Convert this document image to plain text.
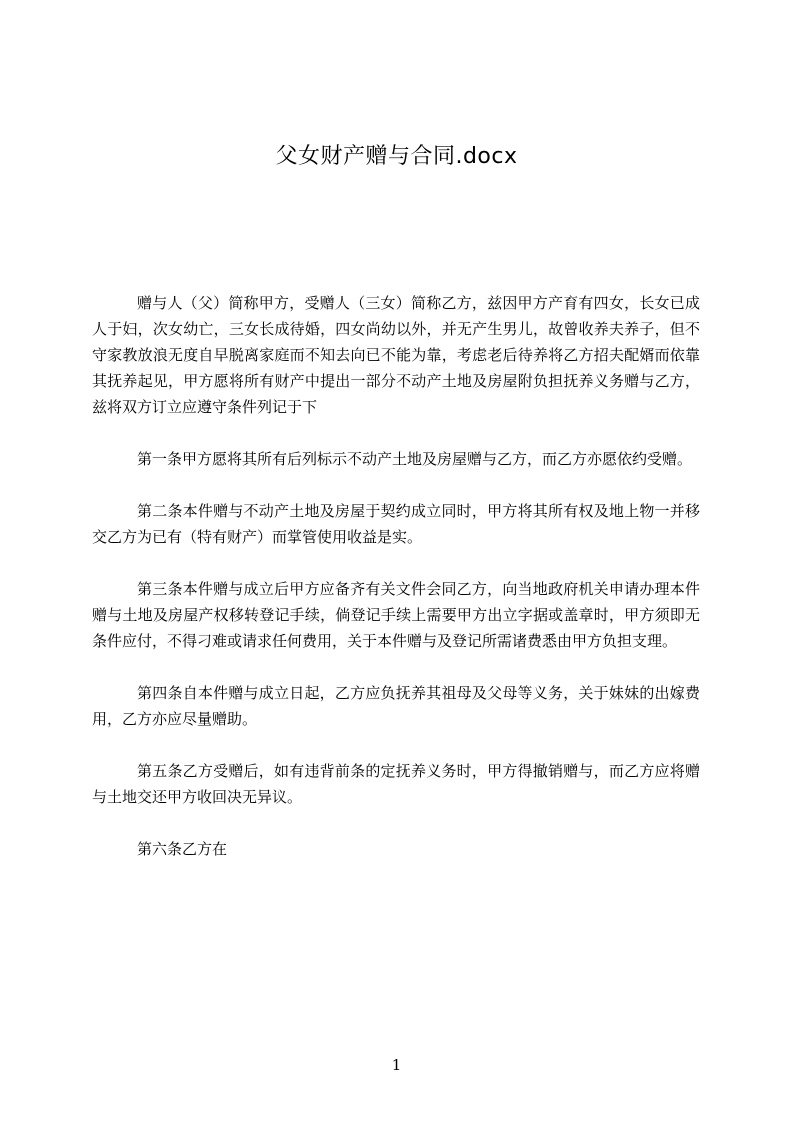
父女财产赠与合同.docx

赠与人（父）简称甲方，受赠人（三女）简称乙方，兹因甲方产育有四女，长女已成人于妇，次女幼亡，三女长成待婚，四女尚幼以外，并无产生男儿，故曾收养夫养子，但不守家教放浪无度自早脱离家庭而不知去向已不能为靠，考虑老后待养将乙方招夫配婿而依靠其抚养起见，甲方愿将所有财产中提出一部分不动产土地及房屋附负担抚养义务赠与乙方，兹将双方订立应遵守条件列记于下

第一条甲方愿将其所有后列标示不动产土地及房屋赠与乙方，而乙方亦愿依约受赠。

第二条本件赠与不动产土地及房屋于契约成立同时，甲方将其所有权及地上物一并移交乙方为已有（特有财产）而掌管使用收益是实。

第三条本件赠与成立后甲方应备齐有关文件会同乙方，向当地政府机关申请办理本件赠与土地及房屋产权移转登记手续，倘登记手续上需要甲方出立字据或盖章时，甲方须即无条件应付，不得刁难或请求任何费用，关于本件赠与及登记所需诸费悉由甲方负担支理。

第四条自本件赠与成立日起，乙方应负抚养其祖母及父母等义务，关于妹妹的出嫁费用，乙方亦应尽量赠助。

第五条乙方受赠后，如有违背前条的定抚养义务时，甲方得撤销赠与，而乙方应将赠与土地交还甲方收回决无异议。

第六条乙方在

1
